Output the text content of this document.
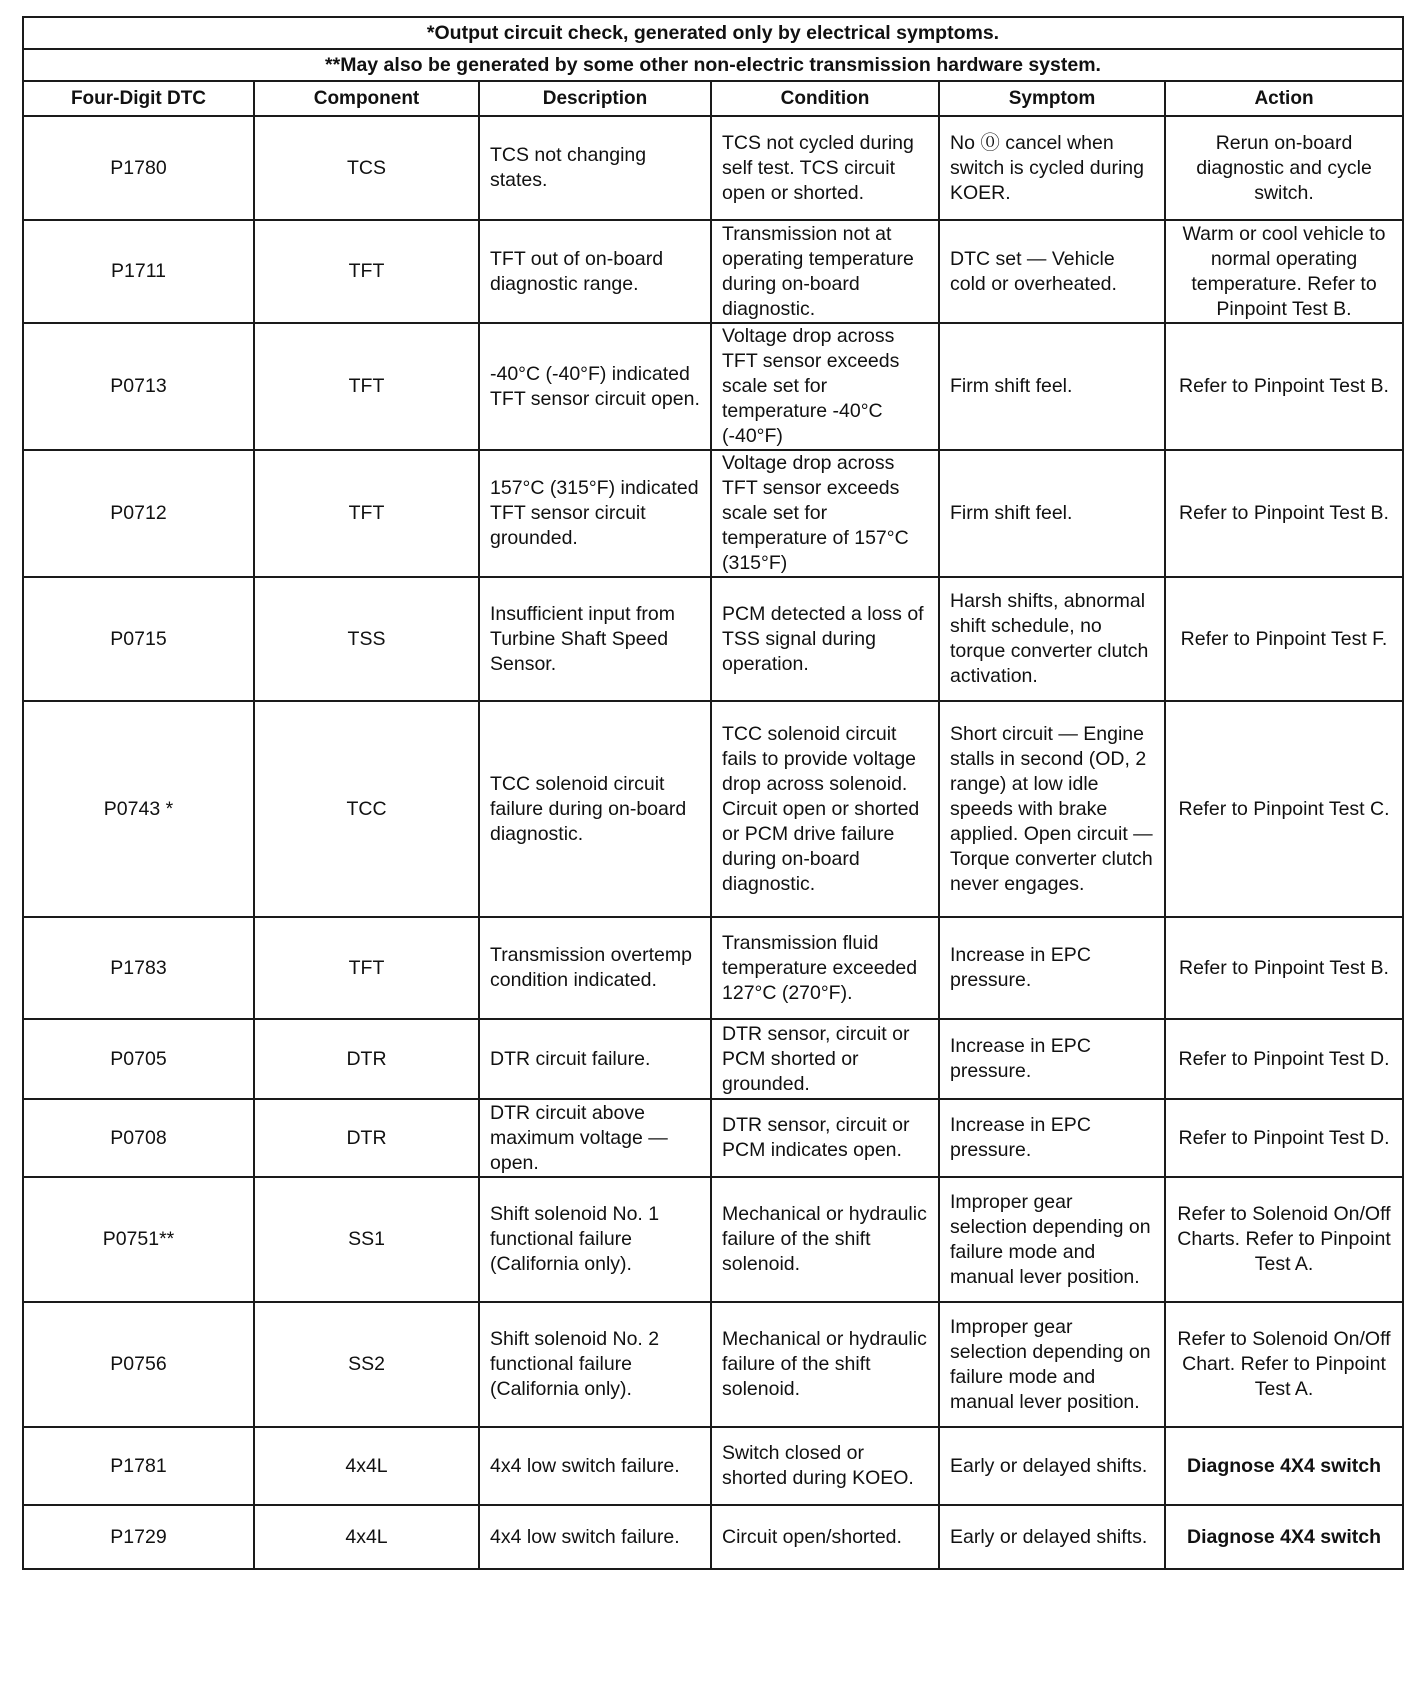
*Output circuit check, generated only by electrical symptoms.					
**May also be generated by some other non-electric transmission hardware system.					
Four-Digit DTC	Component	Description	Condition	Symptom	Action
P1780	TCS	TCS not changing states.	TCS not cycled during self test. TCS circuit open or shorted.	No ⓪ cancel when switch is cycled during KOER.	Rerun on-board diagnostic and cycle switch.
P1711	TFT	TFT out of on-board diagnostic range.	Transmission not at operating temperature during on-board diagnostic.	DTC set — Vehicle cold or overheated.	Warm or cool vehicle to normal operating temperature. Refer to Pinpoint Test B.
P0713	TFT	-40°C (-40°F) indicated TFT sensor circuit open.	Voltage drop across TFT sensor exceeds scale set for temperature -40°C (-40°F)	Firm shift feel.	Refer to Pinpoint Test B.
P0712	TFT	157°C (315°F) indicated TFT sensor circuit grounded.	Voltage drop across TFT sensor exceeds scale set for temperature of 157°C (315°F)	Firm shift feel.	Refer to Pinpoint Test B.
P0715	TSS	Insufficient input from Turbine Shaft Speed Sensor.	PCM detected a loss of TSS signal during operation.	Harsh shifts, abnormal shift schedule, no torque converter clutch activation.	Refer to Pinpoint Test F.
P0743 *	TCC	TCC solenoid circuit failure during on-board diagnostic.	TCC solenoid circuit fails to provide voltage drop across solenoid. Circuit open or shorted or PCM drive failure during on-board diagnostic.	Short circuit — Engine stalls in second (OD, 2 range) at low idle speeds with brake applied. Open circuit — Torque converter clutch never engages.	Refer to Pinpoint Test C.
P1783	TFT	Transmission overtemp condition indicated.	Transmission fluid temperature exceeded 127°C (270°F).	Increase in EPC pressure.	Refer to Pinpoint Test B.
P0705	DTR	DTR circuit failure.	DTR sensor, circuit or PCM shorted or grounded.	Increase in EPC pressure.	Refer to Pinpoint Test D.
P0708	DTR	DTR circuit above maximum voltage — open.	DTR sensor, circuit or PCM indicates open.	Increase in EPC pressure.	Refer to Pinpoint Test D.
P0751**	SS1	Shift solenoid No. 1 functional failure (California only).	Mechanical or hydraulic failure of the shift solenoid.	Improper gear selection depending on failure mode and manual lever position.	Refer to Solenoid On/Off Charts. Refer to Pinpoint Test A.
P0756	SS2	Shift solenoid No. 2 functional failure (California only).	Mechanical or hydraulic failure of the shift solenoid.	Improper gear selection depending on failure mode and manual lever position.	Refer to Solenoid On/Off Chart. Refer to Pinpoint Test A.
P1781	4x4L	4x4 low switch failure.	Switch closed or shorted during KOEO.	Early or delayed shifts.	Diagnose 4X4 switch
P1729	4x4L	4x4 low switch failure.	Circuit open/shorted.	Early or delayed shifts.	Diagnose 4X4 switch
